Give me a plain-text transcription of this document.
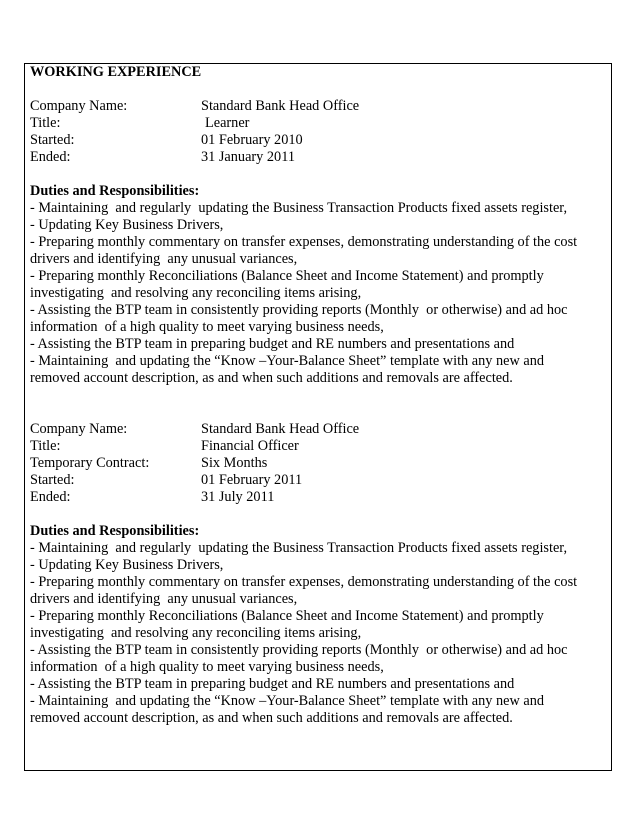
WORKING EXPERIENCE
Company Name:	Standard Bank Head Office
Title:	Learner
Started:	01 February 2010
Ended:	31 January 2011
Duties and Responsibilities:
- Maintaining  and regularly  updating the Business Transaction Products fixed assets register,
- Updating Key Business Drivers,
- Preparing monthly commentary on transfer expenses, demonstrating understanding of the cost
drivers and identifying  any unusual variances,
- Preparing monthly Reconciliations (Balance Sheet and Income Statement) and promptly
investigating  and resolving any reconciling items arising,
- Assisting the BTP team in consistently providing reports (Monthly  or otherwise) and ad hoc
information  of a high quality to meet varying business needs,
- Assisting the BTP team in preparing budget and RE numbers and presentations and
- Maintaining  and updating the “Know –Your-Balance Sheet” template with any new and
removed account description, as and when such additions and removals are affected.
Company Name:	Standard Bank Head Office
Title:	Financial Officer
Temporary Contract:	Six Months
Started:	01 February 2011
Ended:	31 July 2011
Duties and Responsibilities:
- Maintaining  and regularly  updating the Business Transaction Products fixed assets register,
- Updating Key Business Drivers,
- Preparing monthly commentary on transfer expenses, demonstrating understanding of the cost
drivers and identifying  any unusual variances,
- Preparing monthly Reconciliations (Balance Sheet and Income Statement) and promptly
investigating  and resolving any reconciling items arising,
- Assisting the BTP team in consistently providing reports (Monthly  or otherwise) and ad hoc
information  of a high quality to meet varying business needs,
- Assisting the BTP team in preparing budget and RE numbers and presentations and
- Maintaining  and updating the “Know –Your-Balance Sheet” template with any new and
removed account description, as and when such additions and removals are affected.
